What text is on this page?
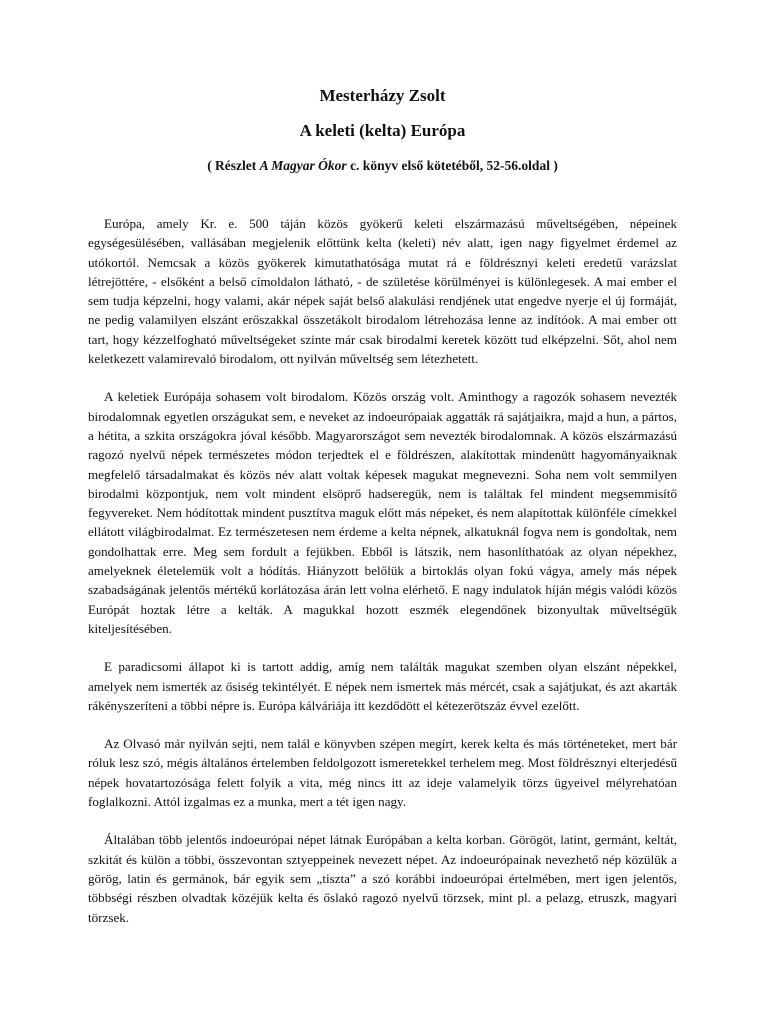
Mesterházy Zsolt
A keleti (kelta) Európa

( Részlet A Magyar Ókor c. könyv első kötetéből, 52-56.oldal )

Európa, amely Kr. e. 500 táján közös gyökerű keleti elszármazású műveltségében, népeinek egységesülésében, vallásában megjelenik előttünk kelta (keleti) név alatt, igen nagy figyelmet érdemel az utókortól. Nemcsak a közös gyökerek kimutathatósága mutat rá e földrésznyi keleti eredetű varázslat létrejöttére, - elsőként a belső címoldalon látható, - de születése körülményei is különlegesek. A mai ember el sem tudja képzelni, hogy valami, akár népek saját belső alakulási rendjének utat engedve nyerje el új formáját, ne pedig valamilyen elszánt erőszakkal összetákolt birodalom létrehozása lenne az indítóok. A mai ember ott tart, hogy kézzelfogható műveltségeket szinte már csak birodalmi keretek között tud elképzelni. Sőt, ahol nem keletkezett valamirevaló birodalom, ott nyilván műveltség sem létezhetett.

A keletiek Európája sohasem volt birodalom. Közös ország volt. Aminthogy a ragozók sohasem nevezték birodalomnak egyetlen országukat sem, e neveket az indoeurópaiak aggatták rá sajátjaikra, majd a hun, a pártos, a hétita, a szkita országokra jóval később. Magyarországot sem nevezték birodalomnak. A közös elszármazású ragozó nyelvű népek természetes módon terjedtek el e földrészen, alakítottak mindenütt hagyományaiknak megfelelő társadalmakat és közös név alatt voltak képesek magukat megnevezni. Soha nem volt semmilyen birodalmi központjuk, nem volt mindent elsöprő hadseregük, nem is találtak fel mindent megsemmisítő fegyvereket. Nem hódítottak mindent pusztítva maguk előtt más népeket, és nem alapítottak különféle címekkel ellátott világbirodalmat. Ez természetesen nem érdeme a kelta népnek, alkatuknál fogva nem is gondoltak, nem gondolhattak erre. Meg sem fordult a fejükben. Ebből is látszik, nem hasonlíthatóak az olyan népekhez, amelyeknek életelemük volt a hódítás. Hiányzott belőlük a birtoklás olyan fokú vágya, amely más népek szabadságának jelentős mértékű korlátozása árán lett volna elérhető. E nagy indulatok híján mégis valódi közös Európát hoztak létre a kelták. A magukkal hozott eszmék elegendőnek bizonyultak műveltségük kiteljesítésében.

E paradicsomi állapot ki is tartott addig, amíg nem találták magukat szemben olyan elszánt népekkel, amelyek nem ismerték az ősiség tekintélyét. E népek nem ismertek más mércét, csak a sajátjukat, és azt akarták rákényszeríteni a többi népre is. Európa kálváriája itt kezdődött el kétezerötszáz évvel ezelőtt.

Az Olvasó már nyilván sejti, nem talál e könyvben szépen megírt, kerek kelta és más történeteket, mert bár róluk lesz szó, mégis általános értelemben feldolgozott ismeretekkel terhelem meg. Most földrésznyi elterjedésű népek hovatartozósága felett folyik a vita, még nincs itt az ideje valamelyik törzs ügyeivel mélyrehatóan foglalkozni. Attól izgalmas ez a munka, mert a tét igen nagy.

Általában több jelentős indoeurópai népet látnak Európában a kelta korban. Görögöt, latint, germánt, keltát, szkitát és külön a többi, összevontan sztyeppeinek nevezett népet. Az indoeurópainak nevezhető nép közülük a görög, latin és germánok, bár egyik sem „tiszta” a szó korábbi indoeurópai értelmében, mert igen jelentős, többségi részben olvadtak közéjük kelta és őslakó ragozó nyelvű törzsek, mint pl. a pelazg, etruszk, magyari törzsek.
